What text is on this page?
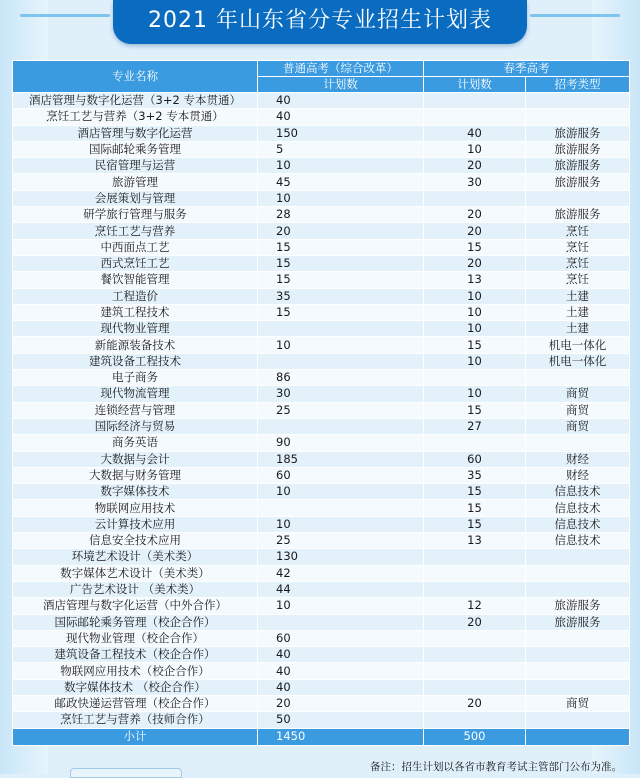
2021 年山东省分专业招生计划表
专业名称	普通高考（综合改革）	春季高考	
	计划数	计划数	招考类型
酒店管理与数字化运营（3+2 专本贯通）	40		
烹饪工艺与营养（3+2 专本贯通）	40		
酒店管理与数字化运营	150	40	旅游服务
国际邮轮乘务管理	5	10	旅游服务
民宿管理与运营	10	20	旅游服务
旅游管理	45	30	旅游服务
会展策划与管理	10		
研学旅行管理与服务	28	20	旅游服务
烹饪工艺与营养	20	20	烹饪
中西面点工艺	15	15	烹饪
西式烹饪工艺	15	20	烹饪
餐饮智能管理	15	13	烹饪
工程造价	35	10	土建
建筑工程技术	15	10	土建
现代物业管理		10	土建
新能源装备技术	10	15	机电一体化
建筑设备工程技术		10	机电一体化
电子商务	86		
现代物流管理	30	10	商贸
连锁经营与管理	25	15	商贸
国际经济与贸易		27	商贸
商务英语	90		
大数据与会计	185	60	财经
大数据与财务管理	60	35	财经
数字媒体技术	10	15	信息技术
物联网应用技术		15	信息技术
云计算技术应用	10	15	信息技术
信息安全技术应用	25	13	信息技术
环境艺术设计（美术类）	130		
数字媒体艺术设计（美术类）	42		
广告艺术设计 （美术类）	44		
酒店管理与数字化运营（中外合作）	10	12	旅游服务
国际邮轮乘务管理（校企合作）		20	旅游服务
现代物业管理（校企合作）	60		
建筑设备工程技术（校企合作）	40		
物联网应用技术（校企合作）	40		
数字媒体技术 （校企合作）	40		
邮政快递运营管理（校企合作）	20	20	商贸
烹饪工艺与营养（技师合作）	50		
小计	1450	500	
备注：招生计划以各省市教育考试主管部门公布为准。
